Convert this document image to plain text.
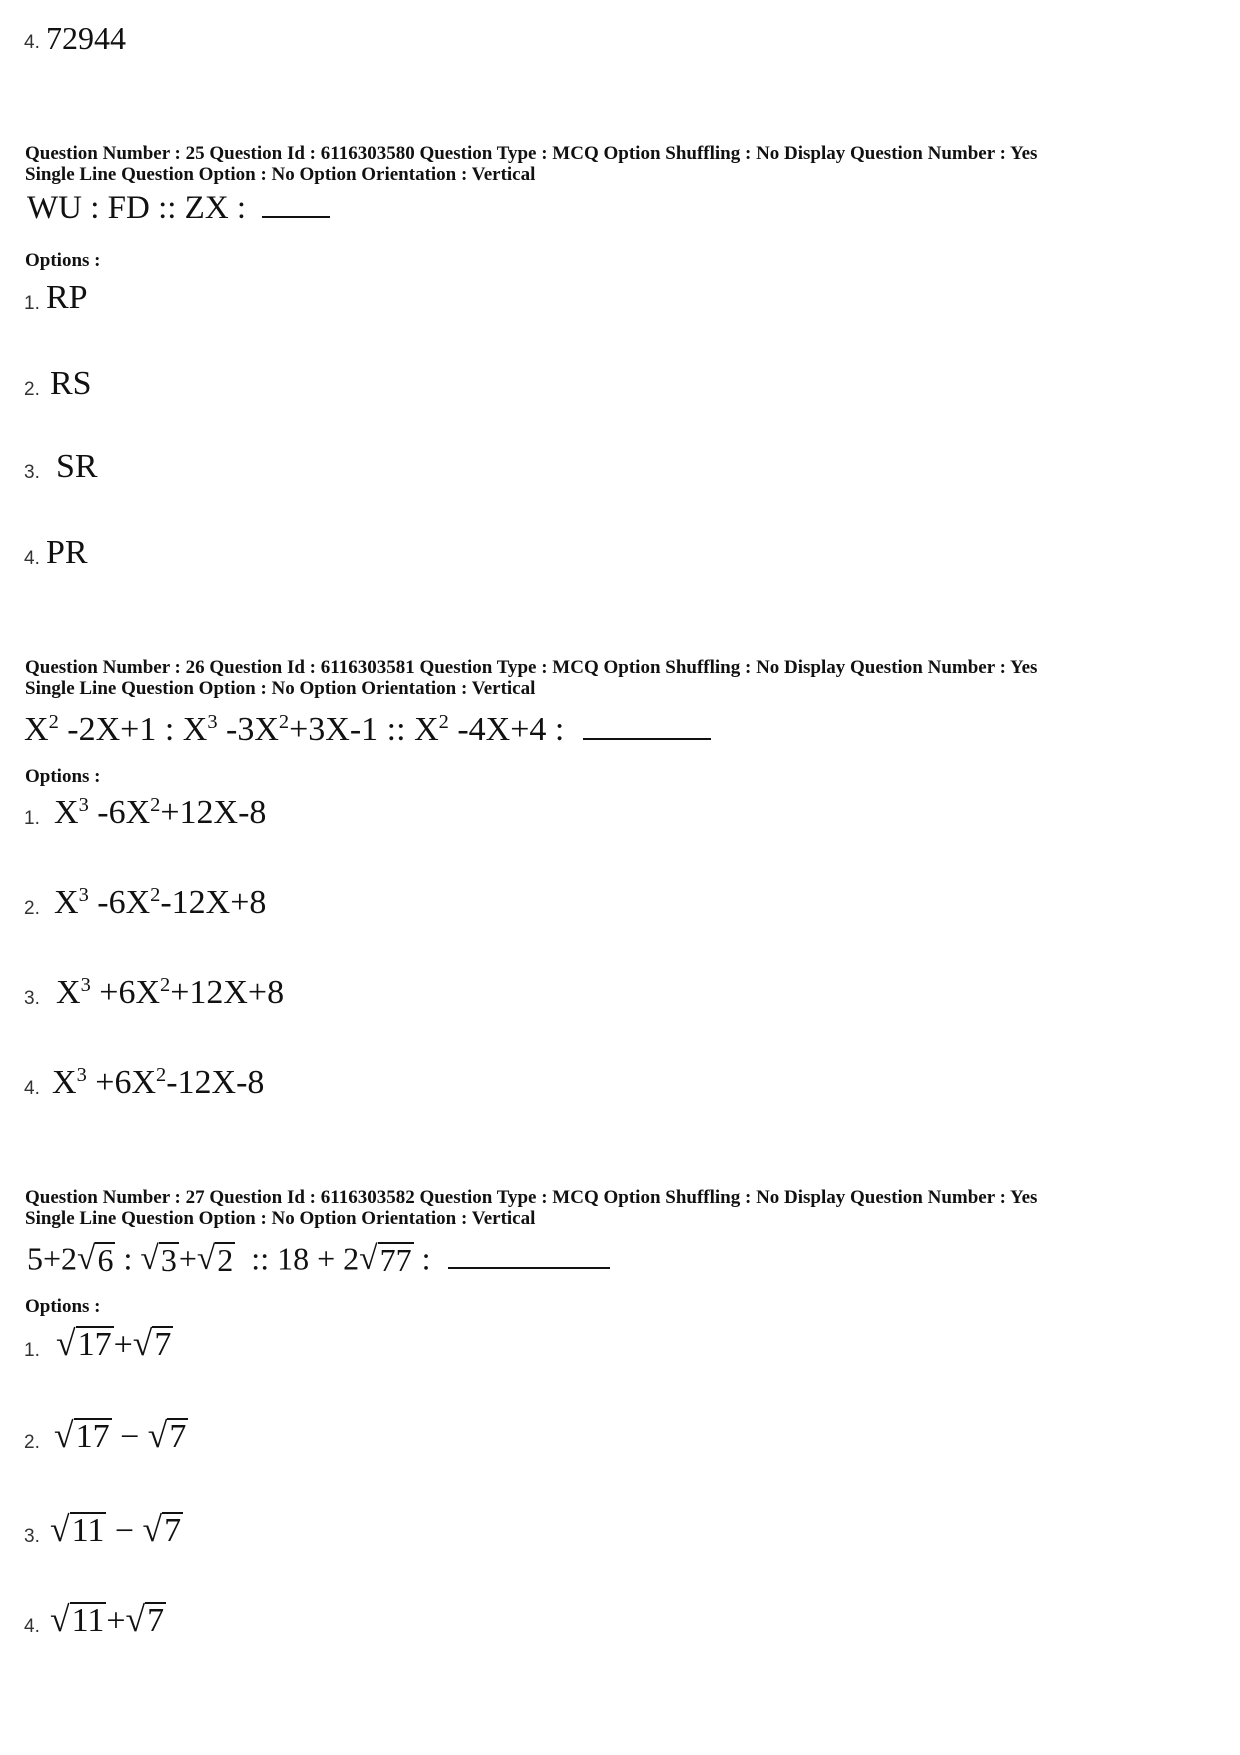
4. 72944
Question Number : 25 Question Id : 6116303580 Question Type : MCQ Option Shuffling : No Display Question Number : Yes
Single Line Question Option : No Option Orientation : Vertical
WU : FD :: ZX :
Options :
1. RP
2. RS
3. SR
4. PR
Question Number : 26 Question Id : 6116303581 Question Type : MCQ Option Shuffling : No Display Question Number : Yes
Single Line Question Option : No Option Orientation : Vertical
$X^2$ -2X+1 : $X^3$ $-3X^2+3X-1$ :: $X^2$ -4X+4 :
Options :
1. $X^3$ $-6X^2+12X-8$
2. $X^3$ $-6X^2-12X+8$
3. $X^3 +6X^2+12X+8$
4. $X^3 +6X^2-12X-8$
Question Number : 27 Question Id : 6116303582 Question Type : MCQ Option Shuffling : No Display Question Number : Yes
Single Line Question Option : No Option Orientation : Vertical
5+2 √ 6 : √ 3 + √ 2 :: 18 + 2 √ 77 :
Options :
1. √ 17 + √ 7
2. √ 17 − √ 7
3. √ 11 − √ 7
4. √ 11 + √ 7
